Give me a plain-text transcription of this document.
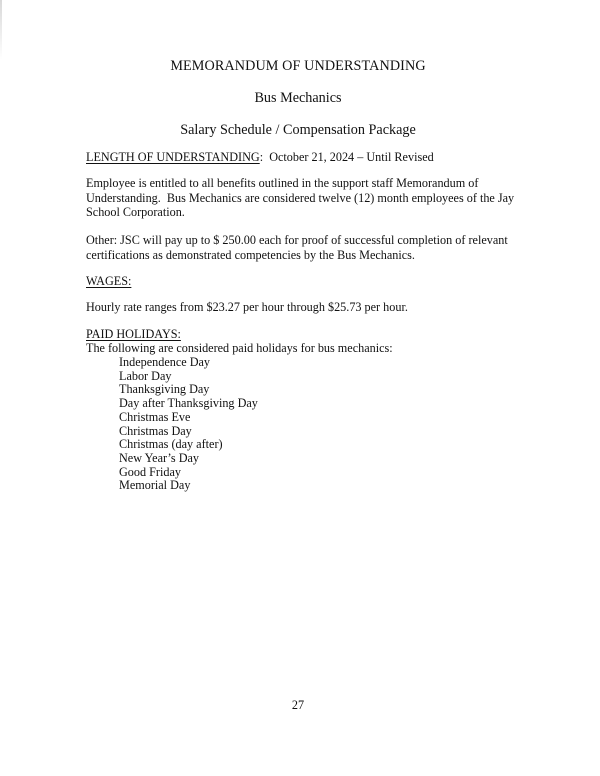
MEMORANDUM OF UNDERSTANDING
Bus Mechanics
Salary Schedule / Compensation Package
LENGTH OF UNDERSTANDING:  October 21, 2024 – Until Revised
Employee is entitled to all benefits outlined in the support staff Memorandum of
Understanding.  Bus Mechanics are considered twelve (12) month employees of the Jay
School Corporation.
Other: JSC will pay up to $ 250.00 each for proof of successful completion of relevant
certifications as demonstrated competencies by the Bus Mechanics.
WAGES:
Hourly rate ranges from $23.27 per hour through $25.73 per hour.
PAID HOLIDAYS:
The following are considered paid holidays for bus mechanics:
Independence Day
Labor Day
Thanksgiving Day
Day after Thanksgiving Day
Christmas Eve
Christmas Day
Christmas (day after)
New Year’s Day
Good Friday
Memorial Day
27
